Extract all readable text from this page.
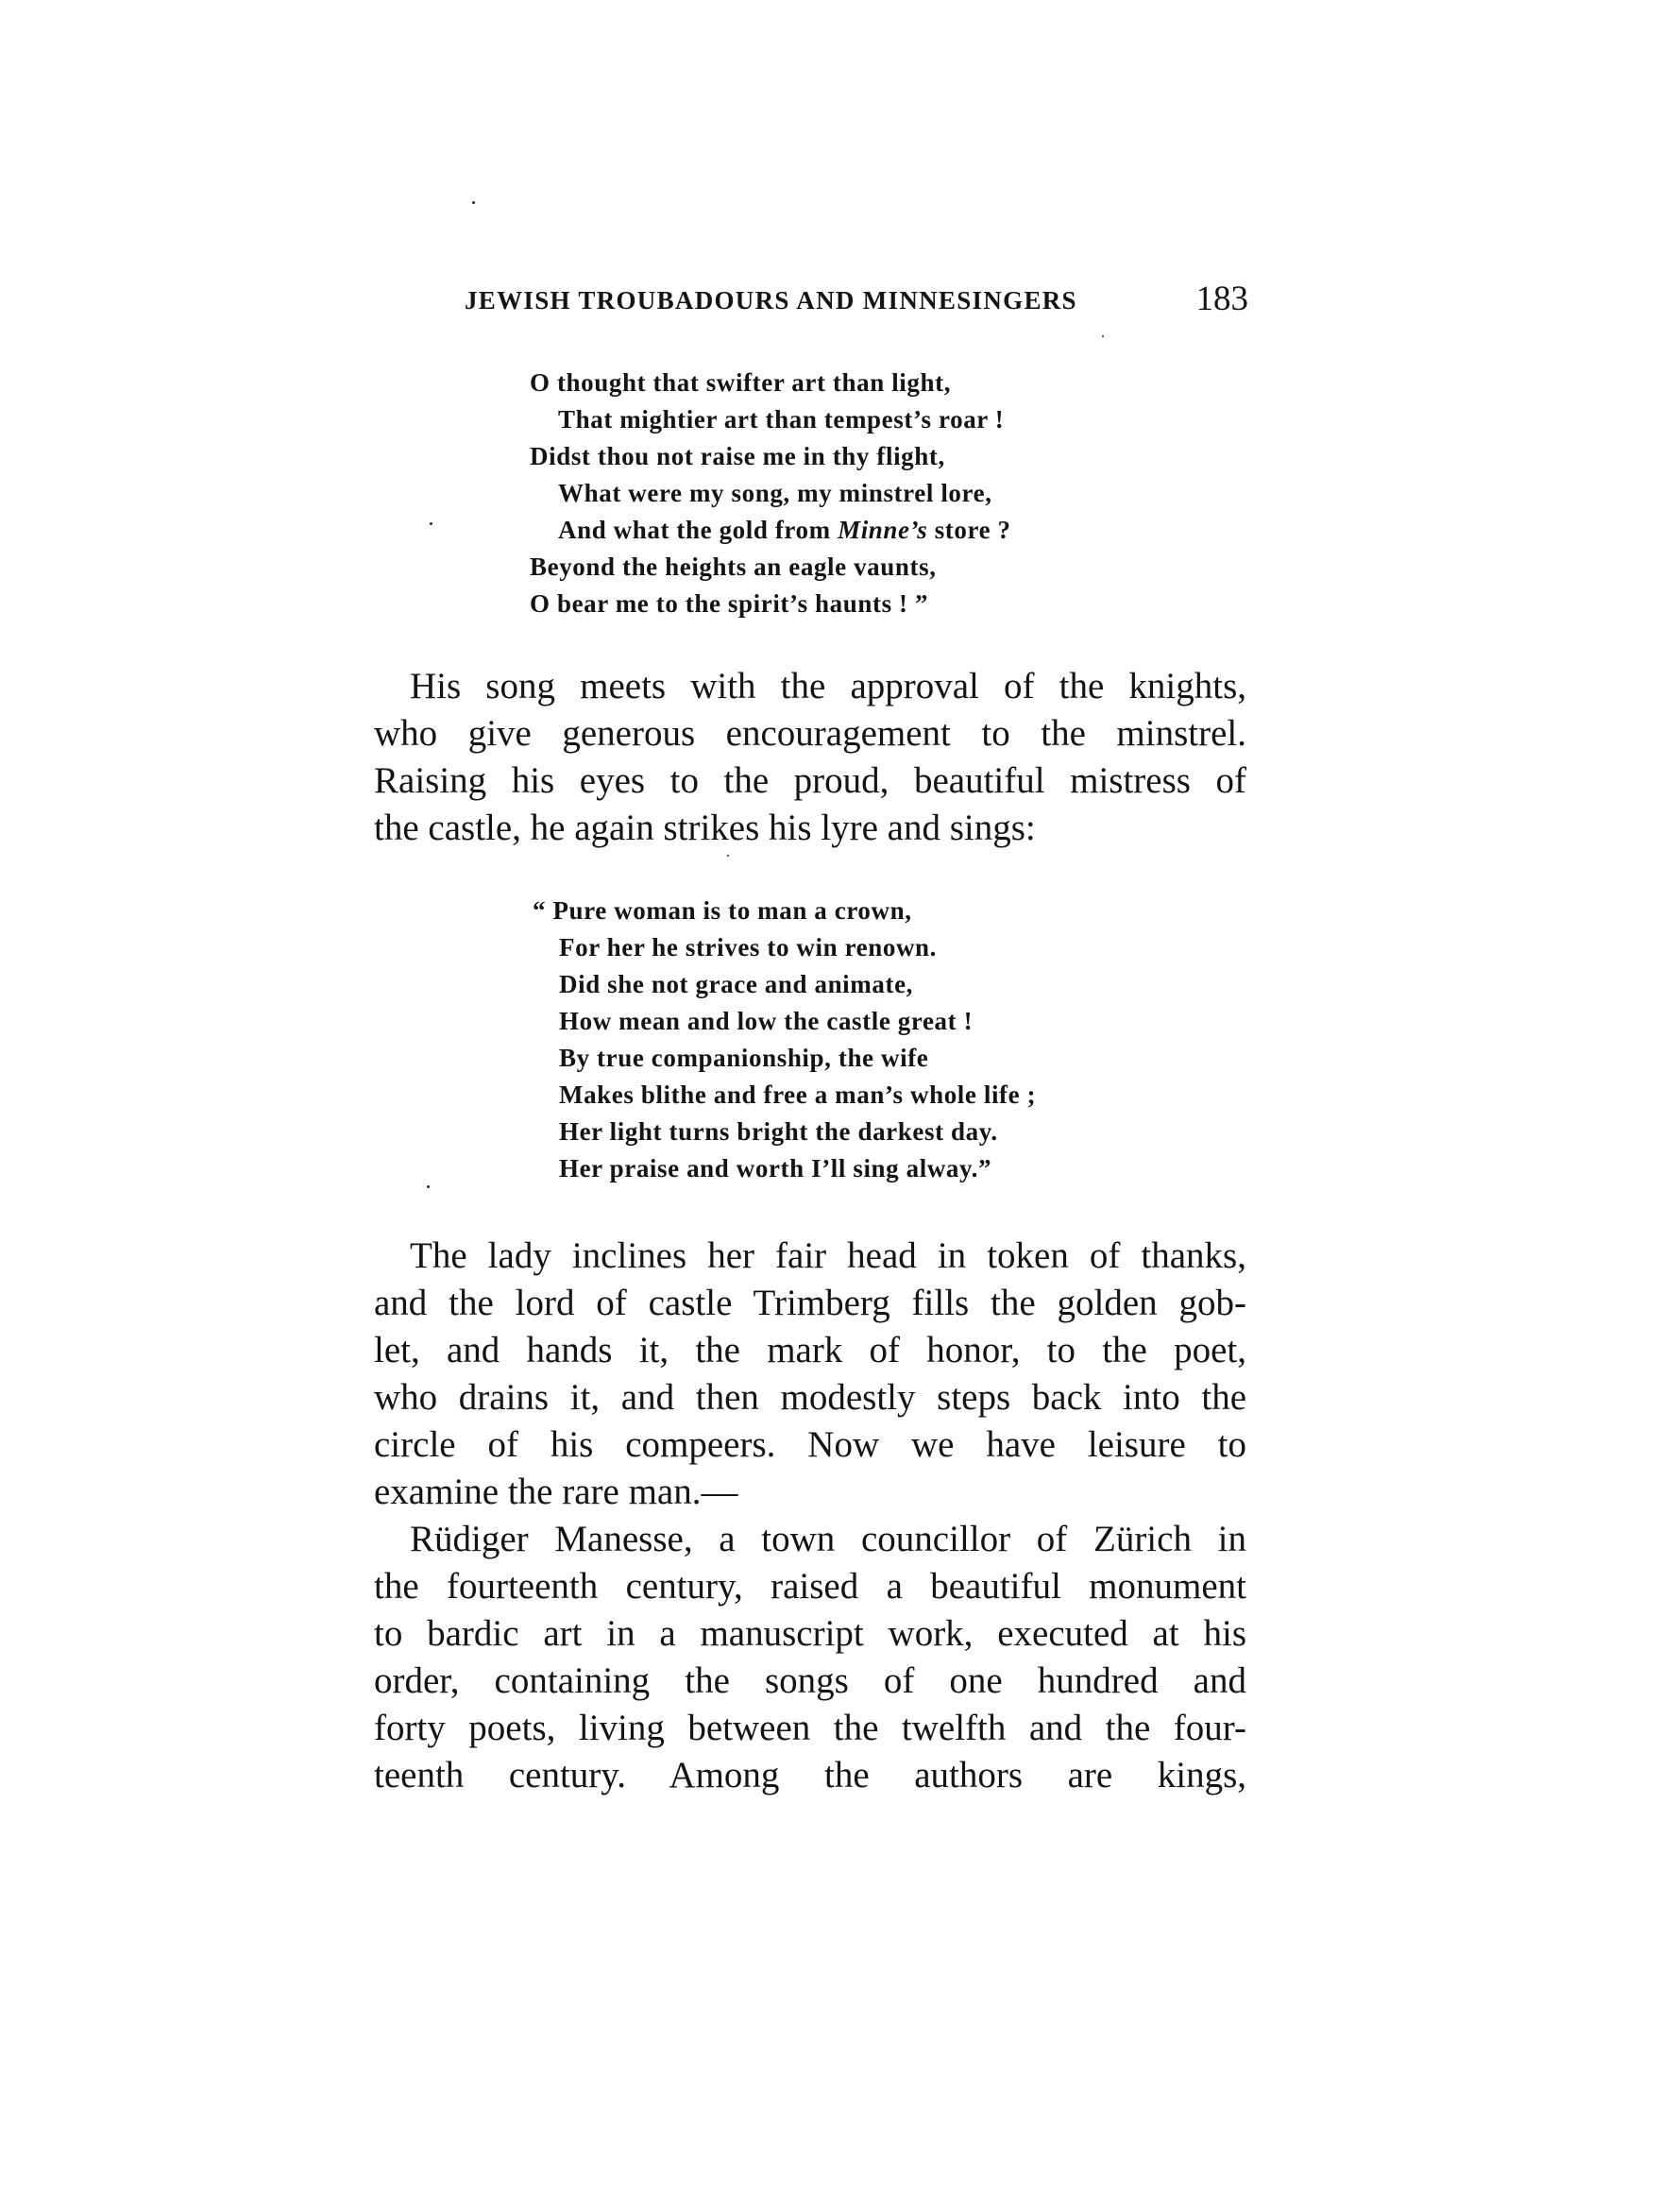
JEWISH TROUBADOURS AND MINNESINGERS	183
O thought that swifter art than light,
That mightier art than tempest’s roar !
Didst thou not raise me in thy flight,
What were my song, my minstrel lore,
And what the gold from Minne’s store ?
Beyond the heights an eagle vaunts,
O bear me to the spirit’s haunts ! ”

His song meets with the approval of the knights,
who give generous encouragement to the minstrel.
Raising his eyes to the proud, beautiful mistress of
the castle, he again strikes his lyre and sings:

“ Pure woman is to man a crown,
For her he strives to win renown.
Did she not grace and animate,
How mean and low the castle great !
By true companionship, the wife
Makes blithe and free a man’s whole life ;
Her light turns bright the darkest day.
Her praise and worth I’ll sing alway.”

The lady inclines her fair head in token of thanks,
and the lord of castle Trimberg fills the golden gob-
let, and hands it, the mark of honor, to the poet,
who drains it, and then modestly steps back into the
circle of his compeers. Now we have leisure to
examine the rare man.—

Rüdiger Manesse, a town councillor of Zürich in
the fourteenth century, raised a beautiful monument
to bardic art in a manuscript work, executed at his
order, containing the songs of one hundred and
forty poets, living between the twelfth and the four-
teenth century. Among the authors are kings,
